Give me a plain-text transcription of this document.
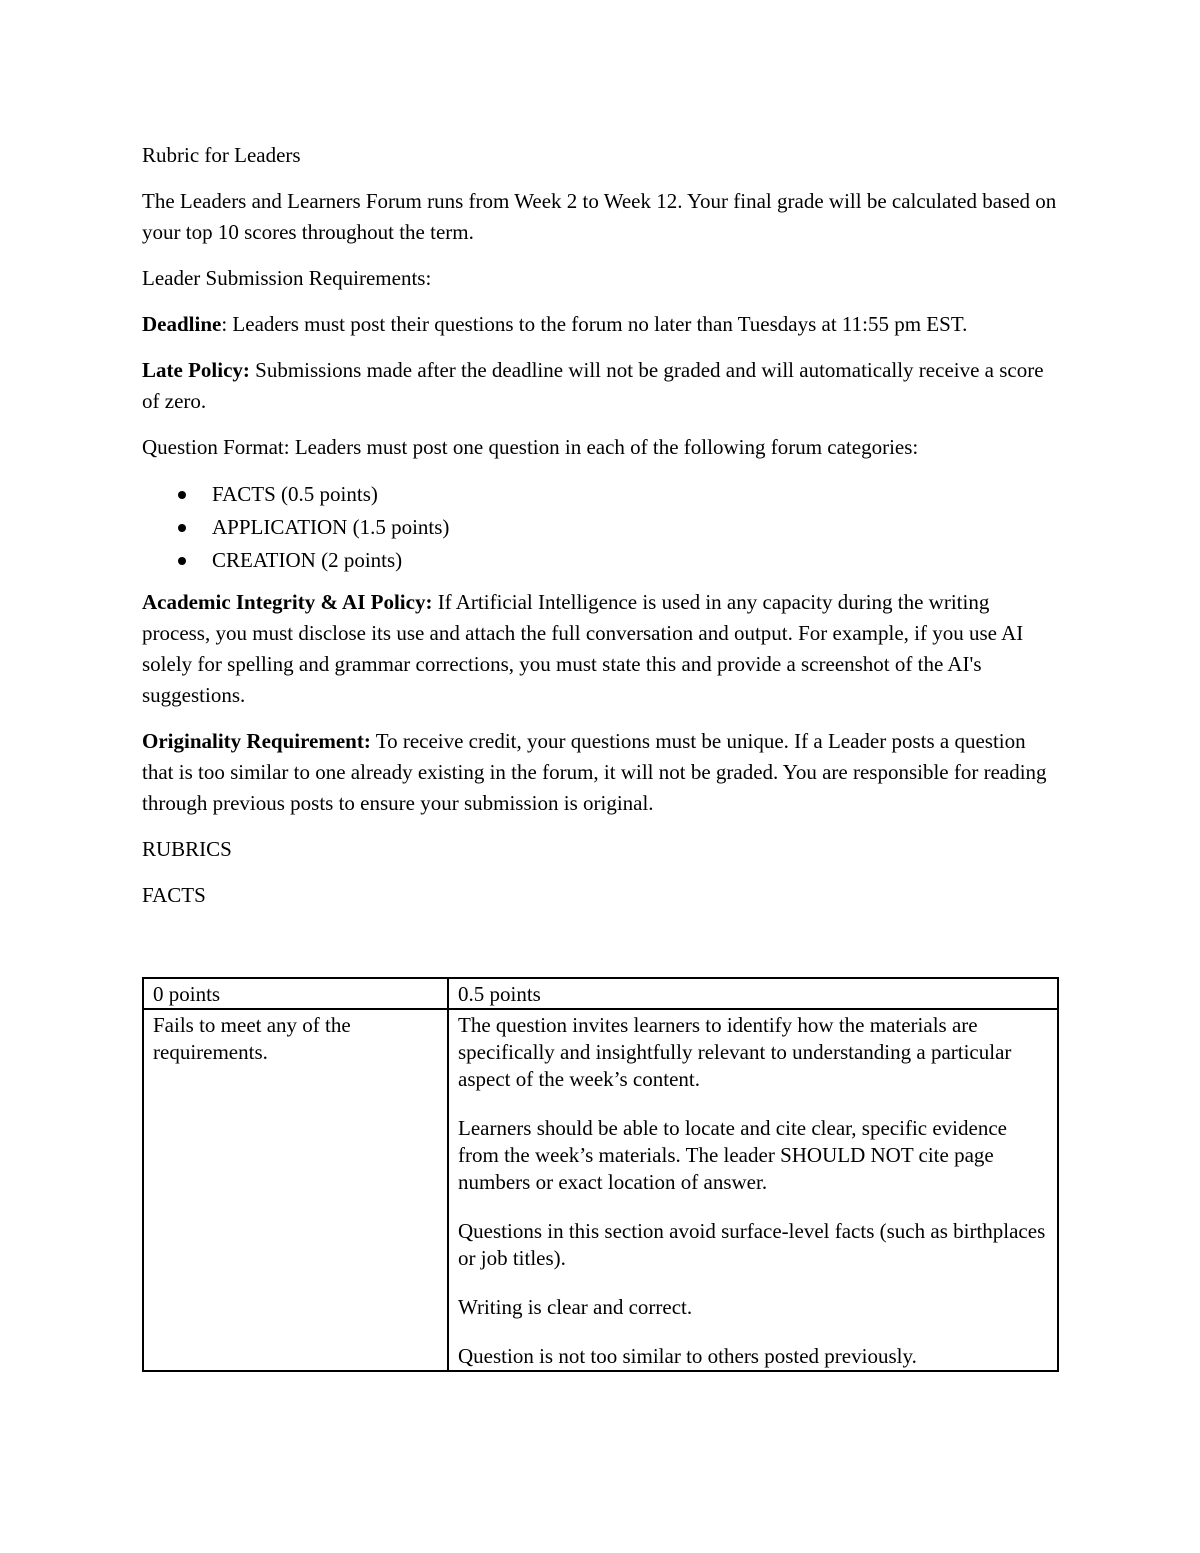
Rubric for Leaders

The Leaders and Learners Forum runs from Week 2 to Week 12. Your final grade will be calculated based on your top 10 scores throughout the term.

Leader Submission Requirements:

Deadline: Leaders must post their questions to the forum no later than Tuesdays at 11:55 pm EST.

Late Policy: Submissions made after the deadline will not be graded and will automatically receive a score of zero.

Question Format: Leaders must post one question in each of the following forum categories:

FACTS (0.5 points)
APPLICATION (1.5 points)
CREATION (2 points)

Academic Integrity & AI Policy: If Artificial Intelligence is used in any capacity during the writing process, you must disclose its use and attach the full conversation and output. For example, if you use AI solely for spelling and grammar corrections, you must state this and provide a screenshot of the AI's suggestions.

Originality Requirement: To receive credit, your questions must be unique. If a Leader posts a question that is too similar to one already existing in the forum, it will not be graded. You are responsible for reading through previous posts to ensure your submission is original.

RUBRICS

FACTS

0 points	0.5 points

Fails to meet any of the requirements.	The question invites learners to identify how the materials are specifically and insightfully relevant to understanding a particular aspect of the week’s content.
Learners should be able to locate and cite clear, specific evidence from the week’s materials. The leader SHOULD NOT cite page numbers or exact location of answer.
Questions in this section avoid surface-level facts (such as birthplaces or job titles).
Writing is clear and correct.
Question is not too similar to others posted previously.
